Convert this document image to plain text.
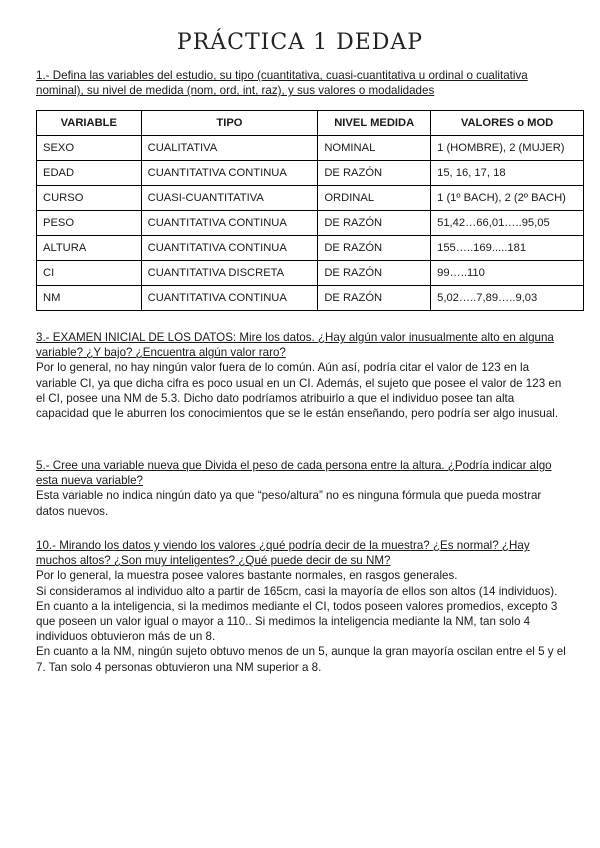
PRÁCTICA 1 DEDAP

1.- Defina las variables del estudio, su tipo (cuantitativa, cuasi-cuantitativa u ordinal o cualitativa nominal), su nivel de medida (nom, ord, int, raz), y sus valores o modalidades

VARIABLE	TIPO	NIVEL MEDIDA	VALORES o MOD
SEXO	CUALITATIVA	NOMINAL	1 (HOMBRE), 2 (MUJER)
EDAD	CUANTITATIVA CONTINUA	DE RAZÓN	15, 16, 17, 18
CURSO	CUASI-CUANTITATIVA	ORDINAL	1 (1º BACH), 2 (2º BACH)
PESO	CUANTITATIVA CONTINUA	DE RAZÓN	51,42…66,01…..95,05
ALTURA	CUANTITATIVA CONTINUA	DE RAZÓN	155…..169.....181
CI	CUANTITATIVA DISCRETA	DE RAZÓN	99…..110
NM	CUANTITATIVA CONTINUA	DE RAZÓN	5,02…..7,89…..9,03

3.- EXAMEN INICIAL DE LOS DATOS: Mire los datos. ¿Hay algún valor inusualmente alto en alguna variable? ¿Y bajo? ¿Encuentra algún valor raro?

Por lo general, no hay ningún valor fuera de lo común. Aún así, podría citar el valor de 123 en la variable CI, ya que dicha cifra es poco usual en un CI. Además, el sujeto que posee el valor de 123 en el CI, posee una NM de 5.3. Dicho dato podríamos atribuirlo a que el individuo posee tan alta capacidad que le aburren los conocimientos que se le están enseñando, pero podría ser algo inusual.

5.- Cree una variable nueva que Divida el peso de cada persona entre la altura. ¿Podría indicar algo esta nueva variable?

Esta variable no indica ningún dato ya que “peso/altura” no es ninguna fórmula que pueda mostrar datos nuevos.

10.- Mirando los datos y viendo los valores ¿qué podría decir de la muestra? ¿Es normal? ¿Hay muchos altos? ¿Son muy inteligentes? ¿Qué puede decir de su NM?

Por lo general, la muestra posee valores bastante normales, en rasgos generales.

Si consideramos al individuo alto a partir de 165cm, casi la mayoría de ellos son altos (14 individuos).

En cuanto a la inteligencia, si la medimos mediante el CI, todos poseen valores promedios, excepto 3 que poseen un valor igual o mayor a 110.. Si medimos la inteligencia mediante la NM, tan solo 4 individuos obtuvieron más de un 8.

En cuanto a la NM, ningún sujeto obtuvo menos de un 5, aunque la gran mayoría oscilan entre el 5 y el 7. Tan solo 4 personas obtuvieron una NM superior a 8.
